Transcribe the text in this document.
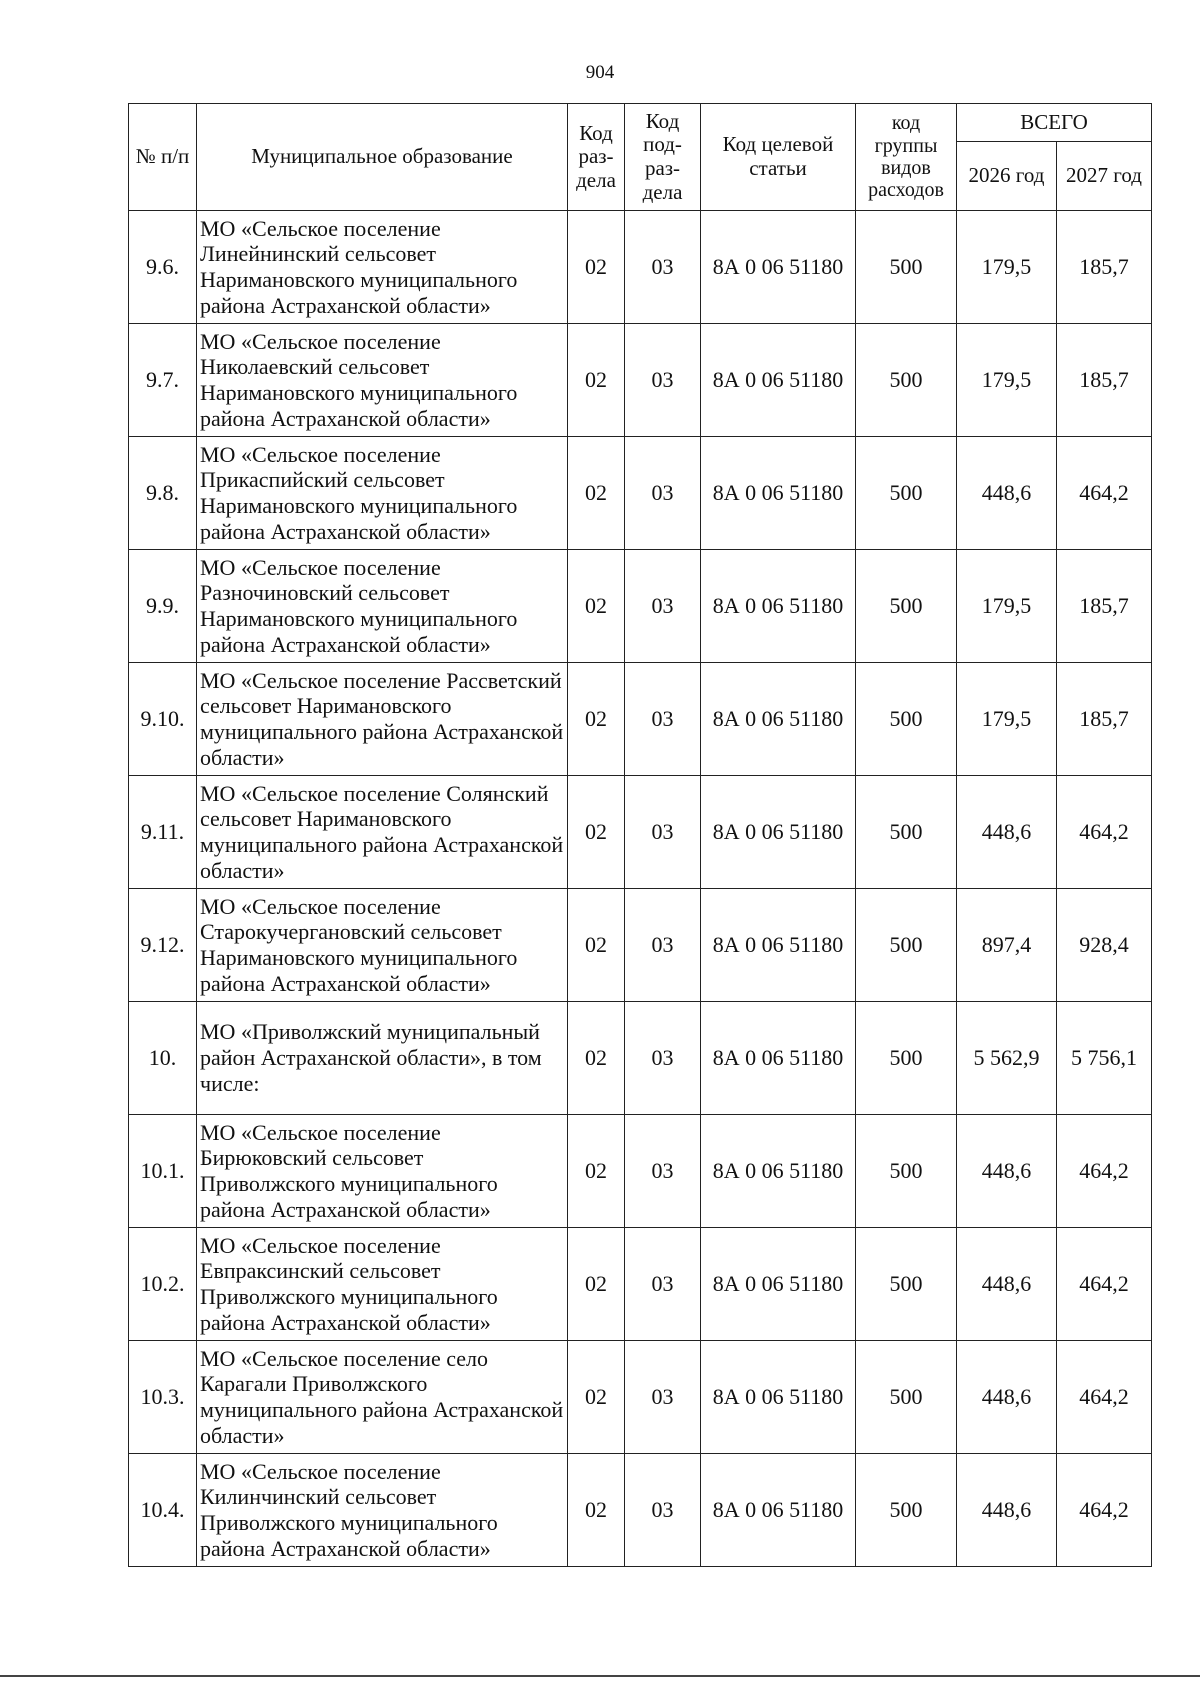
904
№ п/п	Муниципальное образование	Код раз-дела	Код под-раз-дела	Код целевой статьи	код группы видов расходов	ВСЕГО	
						2026 год	2027 год
9.6.	МО «Сельское поселение Линейнинский сельсовет Наримановского муниципального района Астраханской области»	02	03	8А 0 06 51180	500	179,5	185,7
9.7.	МО «Сельское поселение Николаевский сельсовет Наримановского муниципального района Астраханской области»	02	03	8А 0 06 51180	500	179,5	185,7
9.8.	МО «Сельское поселение Прикаспийский сельсовет Наримановского муниципального района Астраханской области»	02	03	8А 0 06 51180	500	448,6	464,2
9.9.	МО «Сельское поселение Разночиновский сельсовет Наримановского муниципального района Астраханской области»	02	03	8А 0 06 51180	500	179,5	185,7
9.10.	МО «Сельское поселение Рассветский сельсовет Наримановского муниципального района Астраханской области»	02	03	8А 0 06 51180	500	179,5	185,7
9.11.	МО «Сельское поселение Солянский сельсовет Наримановского муниципального района Астраханской области»	02	03	8А 0 06 51180	500	448,6	464,2
9.12.	МО «Сельское поселение Старокучергановский сельсовет Наримановского муниципального района Астраханской области»	02	03	8А 0 06 51180	500	897,4	928,4
10.	МО «Приволжский муниципальный район Астраханской области», в том числе:	02	03	8А 0 06 51180	500	5 562,9	5 756,1
10.1.	МО «Сельское поселение Бирюковский сельсовет Приволжского муниципального района Астраханской области»	02	03	8А 0 06 51180	500	448,6	464,2
10.2.	МО «Сельское поселение Евпраксинский сельсовет Приволжского муниципального района Астраханской области»	02	03	8А 0 06 51180	500	448,6	464,2
10.3.	МО «Сельское поселение село Карагали Приволжского муниципального района Астраханской области»	02	03	8А 0 06 51180	500	448,6	464,2
10.4.	МО «Сельское поселение Килинчинский сельсовет Приволжского муниципального района Астраханской области»	02	03	8А 0 06 51180	500	448,6	464,2
